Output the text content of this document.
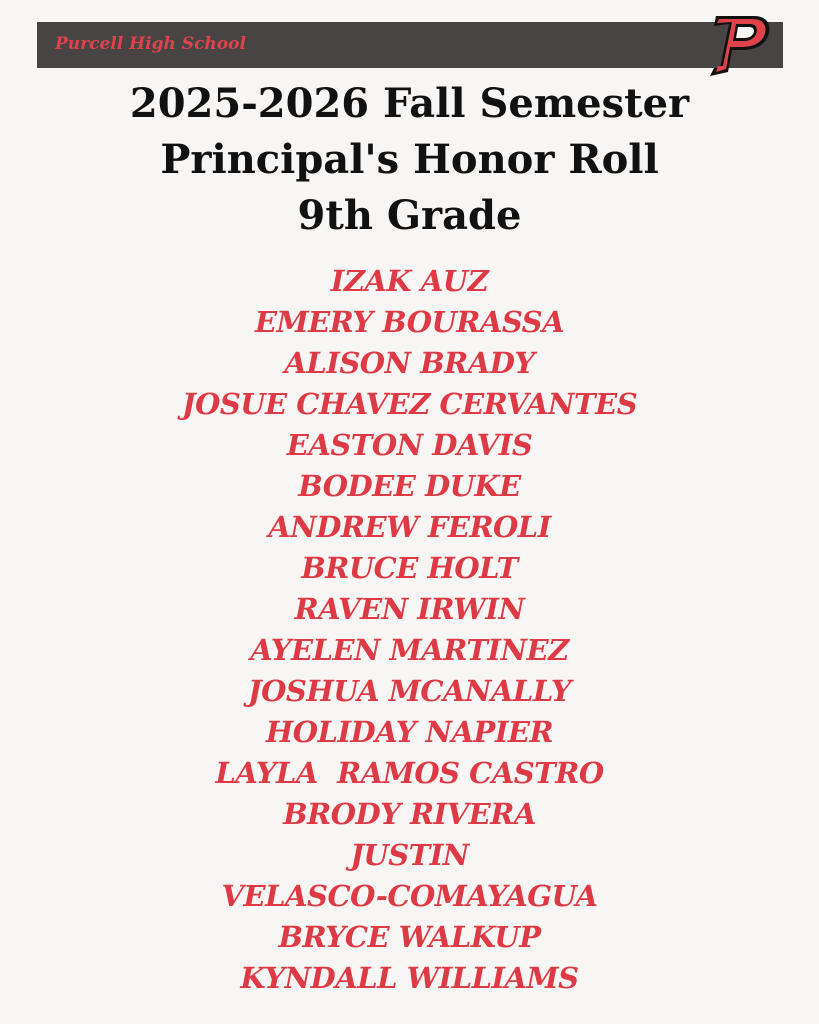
Purcell High School
2025-2026 Fall Semester
Principal's Honor Roll
9th Grade
IZAK AUZ
EMERY BOURASSA
ALISON BRADY
JOSUE CHAVEZ CERVANTES
EASTON DAVIS
BODEE DUKE
ANDREW FEROLI
BRUCE HOLT
RAVEN IRWIN
AYELEN MARTINEZ
JOSHUA MCANALLY
HOLIDAY NAPIER
LAYLA  RAMOS CASTRO
BRODY RIVERA
JUSTIN
VELASCO-COMAYAGUA
BRYCE WALKUP
KYNDALL WILLIAMS
